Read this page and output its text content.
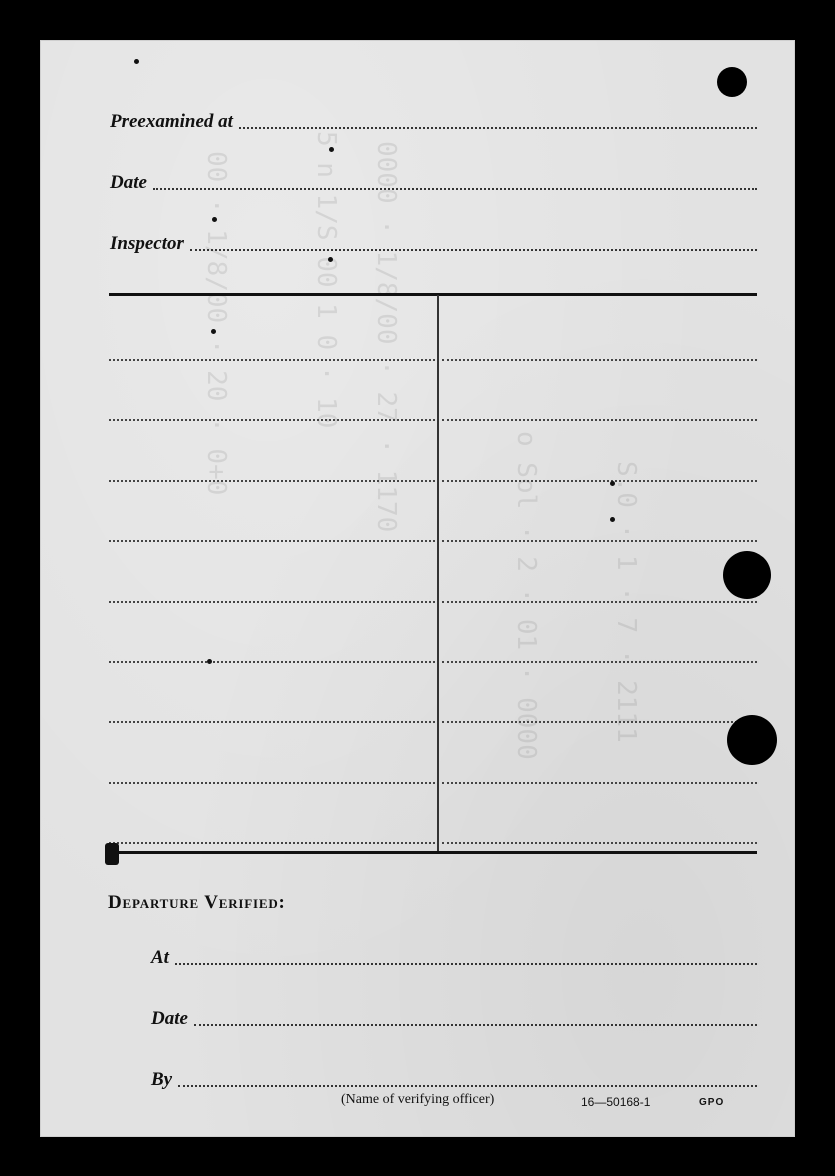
0000 · 1/8/00 · 27 · 1170
5 n 1/S 00 1 0 · 10
00 · 1/8/00 · 20 · 0+0
o Sol · 2 · 01 · 0000	S.0 · 1 · 7 · 2111
Preexamined at
Date
Inspector
Departure Verified:
At
Date
By
(Name of verifying officer)	16—50168-1	GPO
